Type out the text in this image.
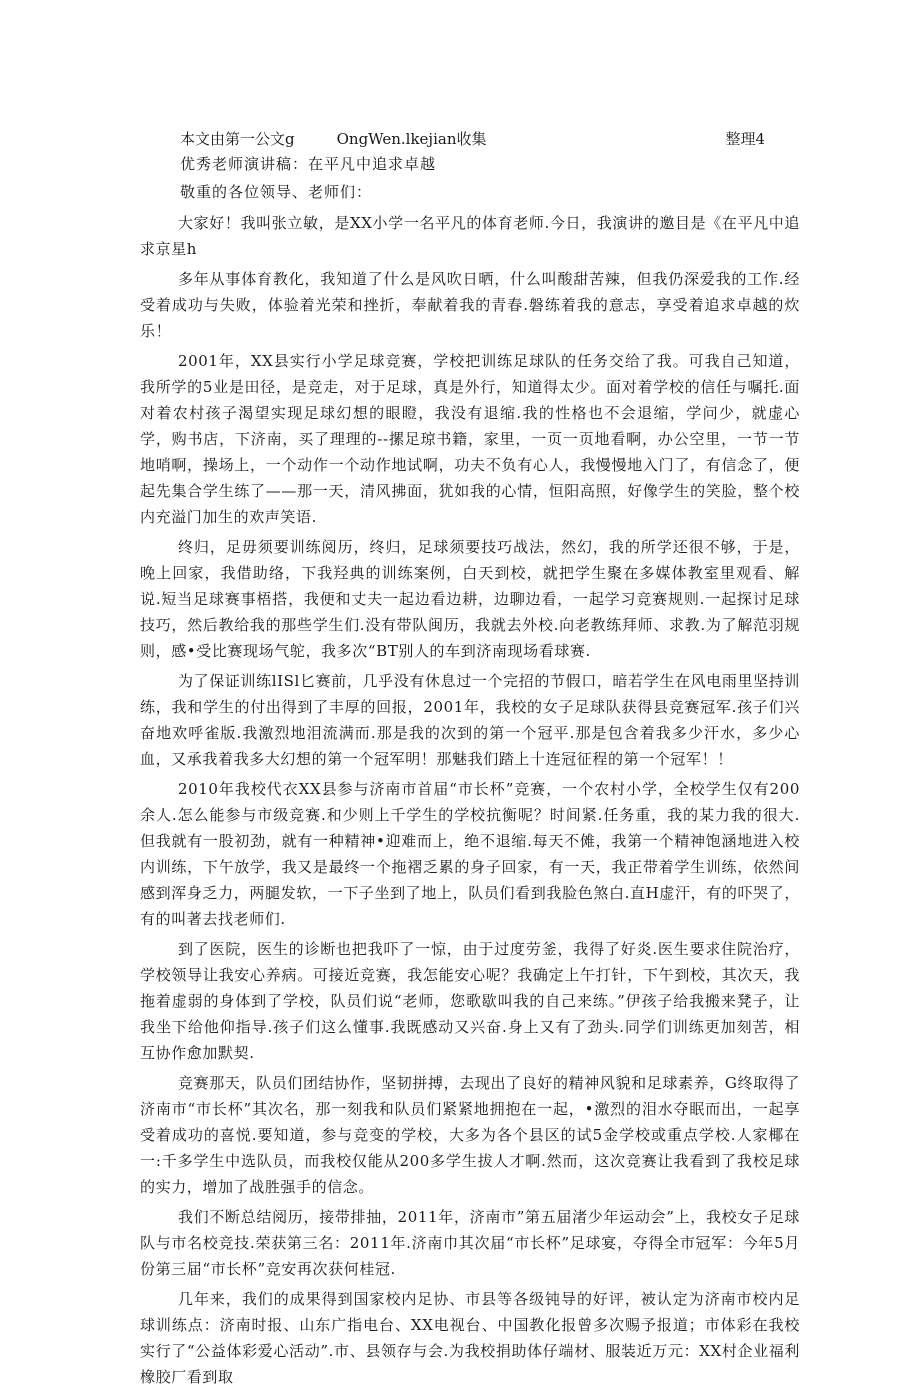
本文由第一公文g	OngWen.lkejian收集	整理4
优秀老师演讲稿：在平凡中追求卓越
敬重的各位领导、老师们：

大家好！我叫张立敏，是XX小学一名平凡的体育老师.今日，我演讲的邀目是《在平凡中追求京星h

多年从事体育教化，我知道了什么是风吹日晒，什么叫酸甜苦辣，但我仍深爱我的工作.经受着成功与失败，体验着光荣和挫折，奉献着我的青春.磐练着我的意志，享受着追求卓越的炊乐！

2001年，XX县实行小学足球竞赛，学校把训练足球队的任务交给了我。可我自己知道，我所学的5业是田径，是竞走，对于足球，真是外行，知道得太少。面对着学校的信任与嘱托.面对着农村孩子渴望实现足球幻想的眼瞪，我没有退缩.我的性格也不会退缩，学问少，就虚心学，购书店，下济南，买了理理的--摞足琼书籍，家里，一页一页地看啊，办公空里，一节一节地哨啊，操场上，一个动作一个动作地试啊，功夫不负有心人，我慢慢地入门了，有信念了，便起先集合学生练了——那一天，清风拂面，犹如我的心情，恒阳高照，好像学生的笑脸，整个校内充溢门加生的欢声笑语.

终归，足毋须要训练阅历，终归，足球须要技巧战法，然幻，我的所学还很不够，于是，晚上回家，我借助络，下我羟典的训练案例，白天到校，就把学生聚在多媒体教室里观看、解说.短当足球赛事梧搭，我便和丈夫一起边看边耕，边聊边看，一起学习竞赛规则.一起探讨足球技巧，然后教给我的那些学生们.没有带队闽历，我就去外校.向老教练拜师、求教.为了解范羽规则，感•受比赛现场气鸵，我多次“BT别人的车到济南现场看球赛.

为了保证训练lISl匕赛前，几乎没有休息过一个完招的节假口，暗若学生在风电雨里坚持训练，我和学生的付出得到了丰厚的回报，2001年，我校的女子足球队获得县竞赛冠军.孩子们兴奋地欢呼雀版.我激烈地泪流满而.那是我的次到的第一个冠平.那是包含着我多少汗水，多少心血，又承我着我多大幻想的第一个冠军明！那魅我们踏上十连冠征程的第一个冠军！！

2010年我校代衣XX县参与济南市首届“市长杯”竞赛，一个农村小学，全校学生仅有200余人.怎么能参与市级竞赛.和少则上千学生的学校抗衡呢？时间紧.任务重，我的某力我的很大.但我就有一股初劲，就有一种精神•迎难而上，绝不退缩.每天不傩，我第一个精神饱涵地进入校内训练，下午放学，我又是最终一个拖褶乏累的身子回家，有一天，我正带着学生训练，依然间感到浑身乏力，两腿发软，一下子坐到了地上，队员们看到我脸色煞白.直H虚汗，有的吓哭了，有的叫著去找老师们.

到了医院，医生的诊断也把我吓了一惊，由于过度劳釜，我得了好炎.医生要求住院治疗，学校领导让我安心养病。可接近竞赛，我怎能安心呢？我确定上午打针，下午到校，其次天，我拖着虚弱的身体到了学校，队员们说“老师，您歌歇叫我的自己来练。”伊孩子给我搬来凳子，让我坐下给他仰指导.孩子们这么懂事.我既感动又兴奋.身上又有了劲头.同学们训练更加刻苦，相互协作愈加默契.

竞赛那天，队员们团结协作，坚韧拼搏，去现出了良好的精神风貌和足球素养，G终取得了济南市“市长杯”其次名，那一刻我和队员们紧紧地拥抱在一起，•激烈的泪水夺眠而出，一起享受着成功的喜悦.要知道，参与竞变的学校，大多为各个县区的试5金学校或重点学校.人家椰在一:千多学生中选队员，而我校仅能从200多学生拔人才啊.然而，这次竞赛让我看到了我校足球的实力，增加了战胜强手的信念。

我们不断总结阅历，接带排抽，2011年，济南市”第五届渚少年运动会”上，我校女子足球队与市名校竞技.荣获第三名：2011年.济南巾其次届“市长杯”足球宴，夺得全市冠军：今年5月份第三届“市长杯”竞安再次获何桂冠.

几年来，我们的成果得到国家校内足协、市县等各级钝导的好评，被认定为济南市校内足球训练点：济南时报、山东广指电台、XX电视台、中国教化报曾多次赐予报道；市体彩在我校实行了“公益体彩爱心活动”.市、县领存与会.为我校捐助体仔端材、服装近万元：XX村企业福利橡胶厂看到取
